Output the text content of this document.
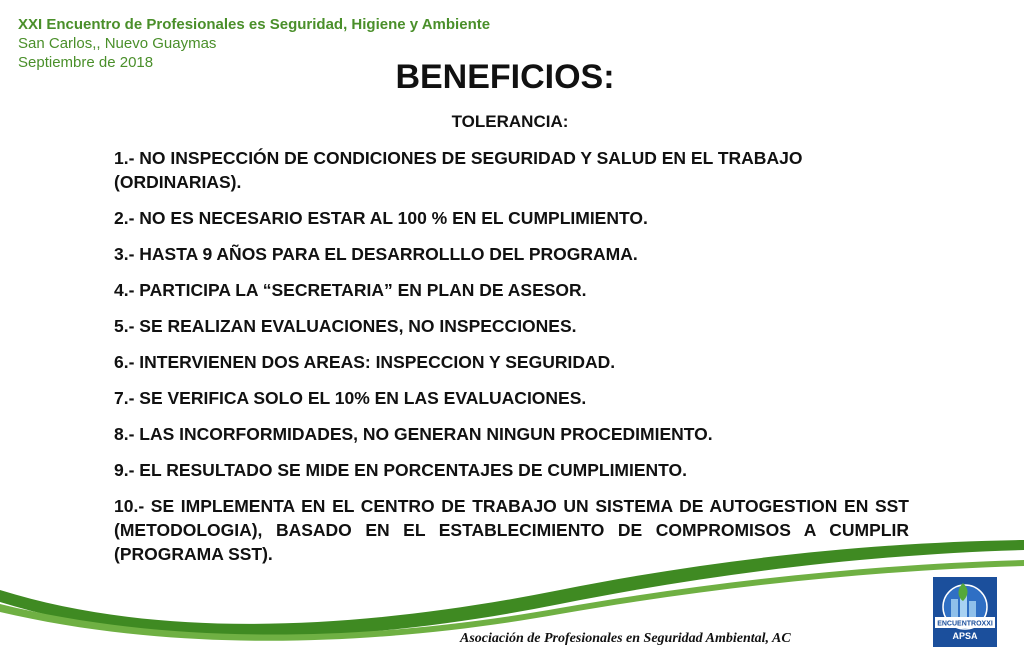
XXI Encuentro de Profesionales es Seguridad, Higiene y Ambiente
San Carlos,, Nuevo Guaymas
Septiembre de 2018	BENEFICIOS:
TOLERANCIA:
1.- NO INSPECCIÓN DE CONDICIONES DE SEGURIDAD Y SALUD EN EL TRABAJO (ORDINARIAS).
2.- NO ES NECESARIO ESTAR AL 100 % EN EL CUMPLIMIENTO.
3.- HASTA 9 AÑOS PARA EL DESARROLLLO DEL PROGRAMA.
4.- PARTICIPA LA “SECRETARIA” EN PLAN DE ASESOR.
5.- SE REALIZAN EVALUACIONES, NO INSPECCIONES.
6.- INTERVIENEN DOS AREAS: INSPECCION Y SEGURIDAD.
7.- SE VERIFICA SOLO EL 10% EN LAS EVALUACIONES.
8.- LAS INCORFORMIDADES, NO GENERAN NINGUN PROCEDIMIENTO.
9.- EL RESULTADO SE MIDE EN PORCENTAJES DE CUMPLIMIENTO.
10.- SE IMPLEMENTA EN EL CENTRO DE TRABAJO UN SISTEMA DE AUTOGESTION EN SST (METODOLOGIA), BASADO EN EL ESTABLECIMIENTO DE COMPROMISOS A CUMPLIR (PROGRAMA SST).
Asociación de Profesionales en Seguridad Ambiental, AC
ENCUENTROXXI
APSA
